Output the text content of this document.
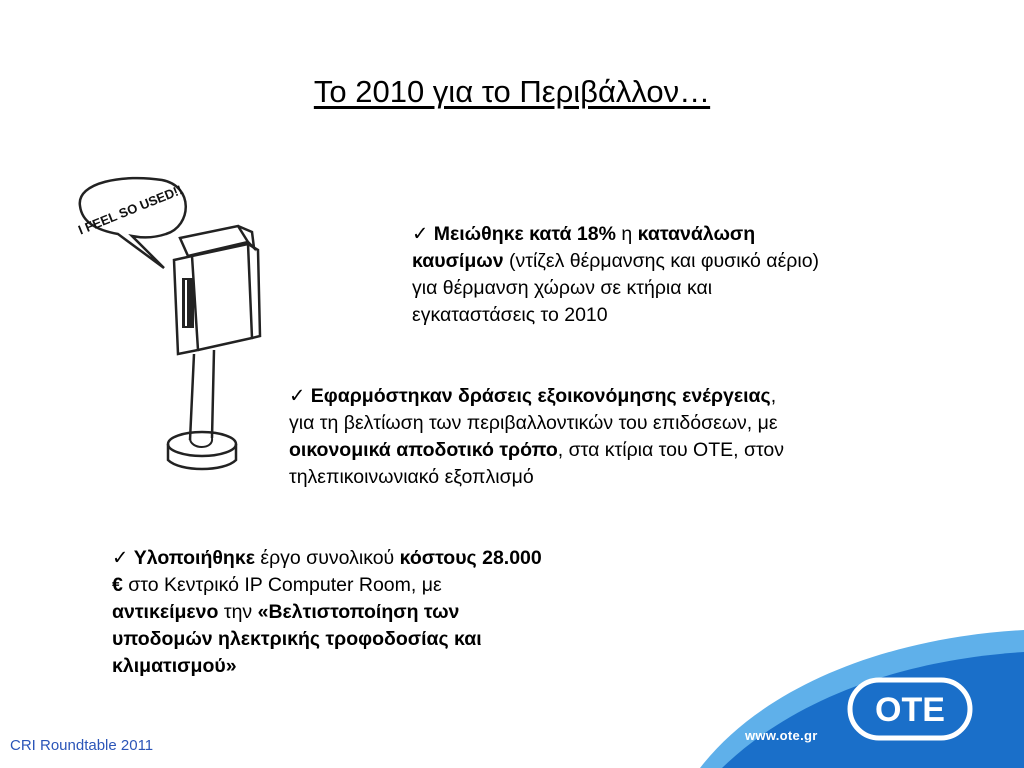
Το 2010 για το Περιβάλλον…
I FEEL SO USED!!	✓ Μειώθηκε κατά 18% η κατανάλωση
καυσίμων (ντίζελ θέρμανσης και φυσικό αέριο)
για θέρμανση χώρων σε κτήρια και
εγκαταστάσεις το 2010
✓ Εφαρμόστηκαν δράσεις εξοικονόμησης ενέργειας,
για τη βελτίωση των περιβαλλοντικών του επιδόσεων, με
οικονομικά αποδοτικό τρόπο, στα κτίρια του ΟΤΕ, στον
τηλεπικοινωνιακό εξοπλισμό
✓ Υλοποιήθηκε έργο συνολικού κόστους 28.000
€ στο Κεντρικό IP Computer Room, με
αντικείμενο την «Βελτιστοποίηση των
υποδομών ηλεκτρικής τροφοδοσίας και
κλιματισμού»
CRI Roundtable 2011
OTE
www.ote.gr
